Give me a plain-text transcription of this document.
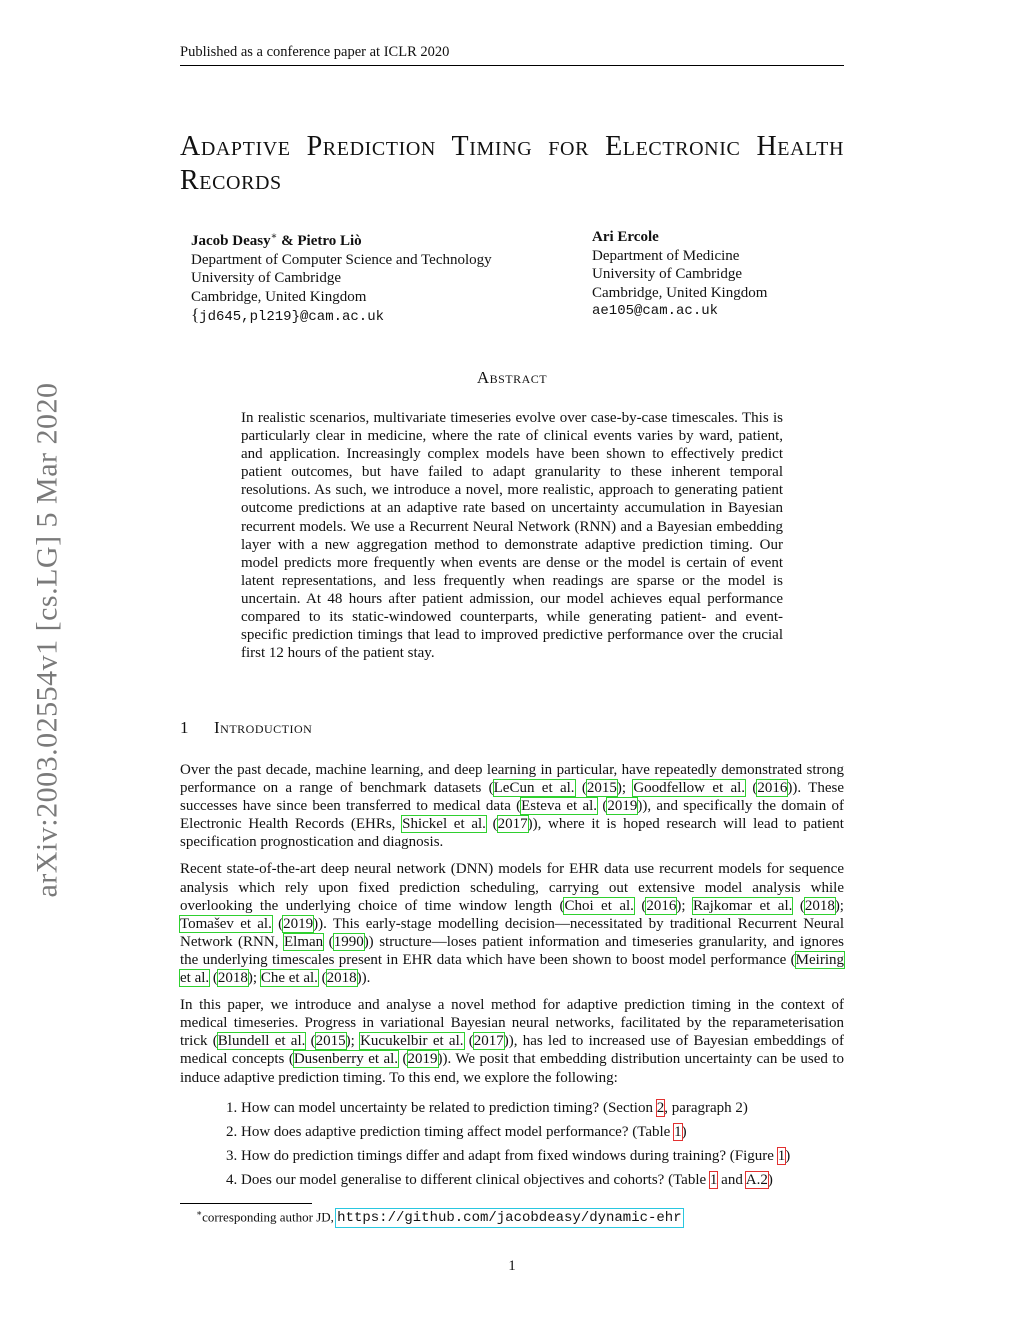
Published as a conference paper at ICLR 2020
arXiv:2003.02554v1 [cs.LG] 5 Mar 2020
Adaptive Prediction Timing for Electronic Health Records
Jacob Deasy∗ & Pietro Liò
Department of Computer Science and Technology
University of Cambridge
Cambridge, United Kingdom
{jd645,pl219}@cam.ac.uk
Ari Ercole
Department of Medicine
University of Cambridge
Cambridge, United Kingdom
ae105@cam.ac.uk
Abstract
In realistic scenarios, multivariate timeseries evolve over case-by-case timescales. This is particularly clear in medicine, where the rate of clinical events varies by ward, patient, and application. Increasingly complex models have been shown to effectively predict patient outcomes, but have failed to adapt granularity to these inherent temporal resolutions. As such, we introduce a novel, more realistic, approach to generating patient outcome predictions at an adaptive rate based on uncertainty accumulation in Bayesian recurrent models. We use a Recurrent Neural Network (RNN) and a Bayesian embedding layer with a new aggregation method to demonstrate adaptive prediction timing. Our model predicts more frequently when events are dense or the model is certain of event latent representations, and less frequently when readings are sparse or the model is uncertain. At 48 hours after patient admission, our model achieves equal performance compared to its static-windowed counterparts, while generating patient- and event-specific prediction timings that lead to improved predictive performance over the crucial first 12 hours of the patient stay.
1 Introduction

Over the past decade, machine learning, and deep learning in particular, have repeatedly demonstrated strong performance on a range of benchmark datasets (LeCun et al. (2015); Goodfellow et al. (2016)). These successes have since been transferred to medical data (Esteva et al. (2019)), and specifically the domain of Electronic Health Records (EHRs, Shickel et al. (2017)), where it is hoped research will lead to patient specification prognostication and diagnosis.

Recent state-of-the-art deep neural network (DNN) models for EHR data use recurrent models for sequence analysis which rely upon fixed prediction scheduling, carrying out extensive model analysis while overlooking the underlying choice of time window length (Choi et al. (2016); Rajkomar et al. (2018); Tomašev et al. (2019)). This early-stage modelling decision—necessitated by traditional Recurrent Neural Network (RNN, Elman (1990)) structure—loses patient information and timeseries granularity, and ignores the underlying timescales present in EHR data which have been shown to boost model performance (Meiring et al. (2018); Che et al. (2018)).

In this paper, we introduce and analyse a novel method for adaptive prediction timing in the context of medical timeseries. Progress in variational Bayesian neural networks, facilitated by the reparameterisation trick (Blundell et al. (2015); Kucukelbir et al. (2017)), has led to increased use of Bayesian embeddings of medical concepts (Dusenberry et al. (2019)). We posit that embedding distribution uncertainty can be used to induce adaptive prediction timing. To this end, we explore the following:

1. How can model uncertainty be related to prediction timing? (Section 2, paragraph 2)
2. How does adaptive prediction timing affect model performance? (Table 1)
3. How do prediction timings differ and adapt from fixed windows during training? (Figure 1)
4. Does our model generalise to different clinical objectives and cohorts? (Table 1 and A.2)
∗corresponding author JD, https://github.com/jacobdeasy/dynamic-ehr
1
